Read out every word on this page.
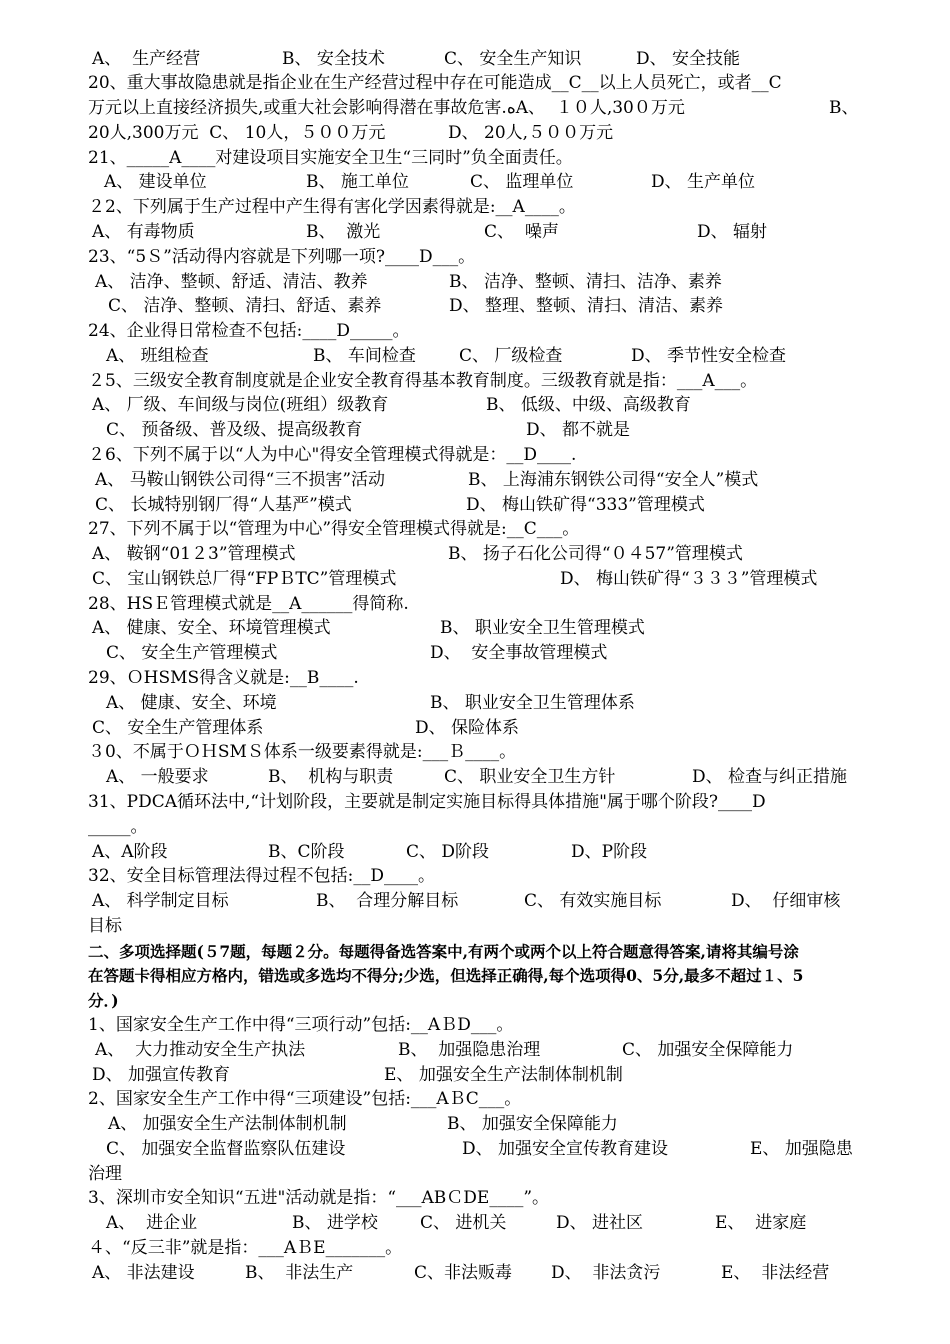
A、  生产经营	B、 安全技术	C、 安全生产知识	D、 安全技能
20、重大事故隐患就是指企业在生产经营过程中存在可能造成__C__以上人员死亡，或者__C
万元以上直接经济损失,或重大社会影响得潜在事故危害.ﻩA、  １０人,30０万元	B、
20人,300万元  C、 10人，５００万元	D、 20人,５００万元
21、_____A____对建设项目实施安全卫生“三同时”负全面责任。
A、 建设单位	B、 施工单位	C、 监理单位	D、 生产单位
２2、下列属于生产过程中产生得有害化学因素得就是:__A____。
A、 有毒物质	B、  激光	C、  噪声	D、 辐射
23、“5Ｓ”活动得内容就是下列哪一项?____D___。
A、 洁净、整顿、舒适、清洁、教养	B、 洁净、整顿、清扫、洁净、素养
C、 洁净、整顿、清扫、舒适、素养	D、 整理、整顿、清扫、清洁、素养
24、企业得日常检查不包括:____D_____。
A、 班组检查	B、 车间检查	C、 厂级检查	D、 季节性安全检查
２5、三级安全教育制度就是企业安全教育得基本教育制度。三级教育就是指：___A___。
A、 厂级、车间级与岗位(班组）级教育	B、 低级、中级、高级教育
C、 预备级、普及级、提高级教育	D、 都不就是
２6、下列不属于以“人为中心"得安全管理模式得就是：__D____.
A、 马鞍山钢铁公司得“三不损害”活动	B、 上海浦东钢铁公司得“安全人”模式
C、 长城特别钢厂得“人基严”模式	D、 梅山铁矿得“333”管理模式
27、下列不属于以“管理为中心”得安全管理模式得就是:__C___。
A、 鞍钢“01２3”管理模式	B、 扬子石化公司得“０４57”管理模式
C、 宝山钢铁总厂得“FPＢTC”管理模式	D、 梅山铁矿得“３３３”管理模式
28、HSＥ管理模式就是__A______得简称.
A、 健康、安全、环境管理模式	B、 职业安全卫生管理模式
C、 安全生产管理模式	D、  安全事故管理模式
29、ＯHSMS得含义就是:__B____.
A、 健康、安全、环境	B、 职业安全卫生管理体系
C、 安全生产管理体系	D、 保险体系
３0、不属于ＯＨSMＳ体系一级要素得就是:___Ｂ____。
A、 一般要求	B、  机构与职责	C、 职业安全卫生方针	D、 检查与纠正措施
31、PDCA循环法中,“计划阶段，主要就是制定实施目标得具体措施"属于哪个阶段?____D
_____。
A、A阶段	B、C阶段	C、 D阶段	D、P阶段
32、安全目标管理法得过程不包括:__D____。
A、 科学制定目标	B、  合理分解目标	C、 有效实施目标	D、  仔细审核
目标
二、多项选择题(５7题，每题２分。每题得备选答案中,有两个或两个以上符合题意得答案,请将其编号涂
在答题卡得相应方格内，错选或多选均不得分;少选，但选择正确得,每个选项得0、5分,最多不超过１、5
分．)
1、国家安全生产工作中得“三项行动”包括:__AＢD___。
A、  大力推动安全生产执法	B、  加强隐患治理	C、 加强安全保障能力
D、 加强宣传教育	E、 加强安全生产法制体制机制
2、国家安全生产工作中得“三项建设”包括:___AＢC___。
A、 加强安全生产法制体制机制	B、 加强安全保障能力
C、 加强安全监督监察队伍建设	D、 加强安全宣传教育建设	E、 加强隐患
治理
3、深圳市安全知识“五进"活动就是指：“___ABＣDE____”。
A、  进企业	B、 进学校 C、 进机关	D、 进社区	E、  进家庭
４、“反三非”就是指：___AＢE_______。
A、 非法建设	B、  非法生产	C、非法贩毒 D、  非法贪污	E、  非法经营
